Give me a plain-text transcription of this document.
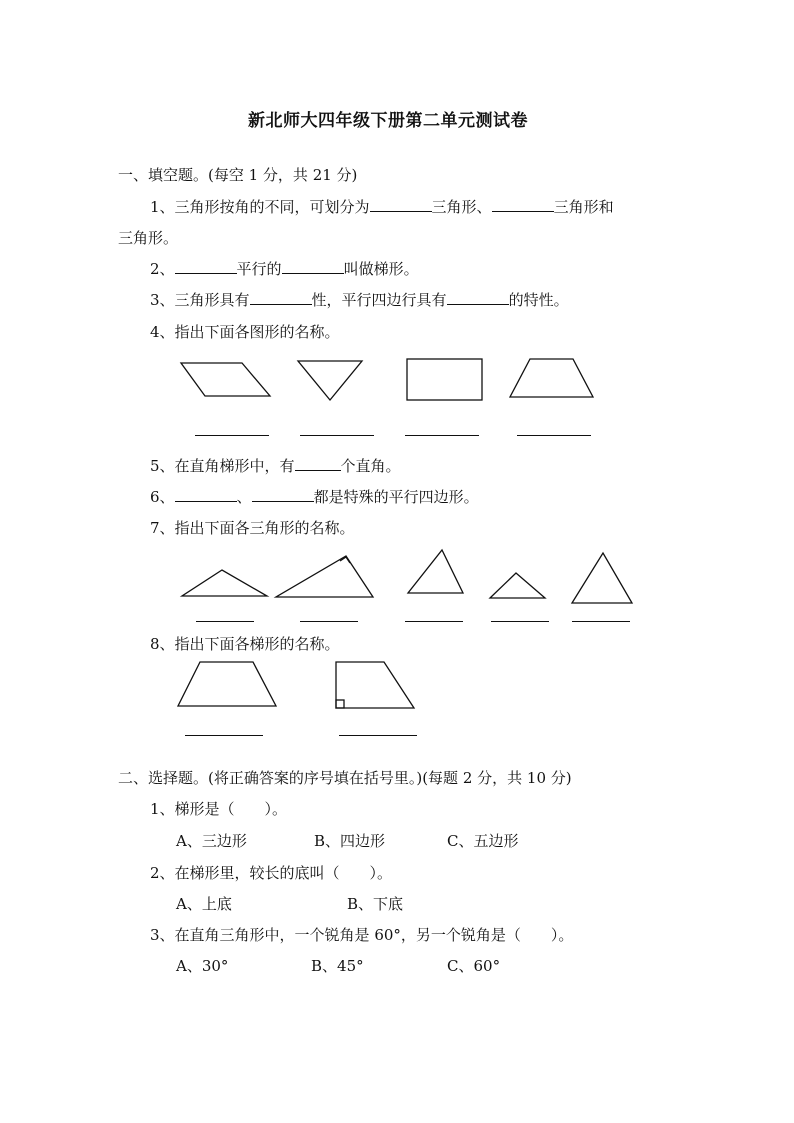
新北师大四年级下册第二单元测试卷
一、填空题。(每空 1 分，共 21 分)
1、三角形按角的不同，可划分为	三角形、	三角形和
三角形。
2、	平行的	叫做梯形。
3、三角形具有	性，平行四边行具有	的特性。
4、指出下面各图形的名称。
5、在直角梯形中，有	个直角。
6、	、	都是特殊的平行四边形。
7、指出下面各三角形的名称。
8、指出下面各梯形的名称。
二、选择题。(将正确答案的序号填在括号里。)(每题 2 分，共 10 分)
1、梯形是（　　）。
A、三边形	B、四边形	C、五边形
2、在梯形里，较长的底叫（　　）。
A、上底	B、下底
3、在直角三角形中，一个锐角是 60°，另一个锐角是（　　）。
A、30°	B、45°	C、60°
